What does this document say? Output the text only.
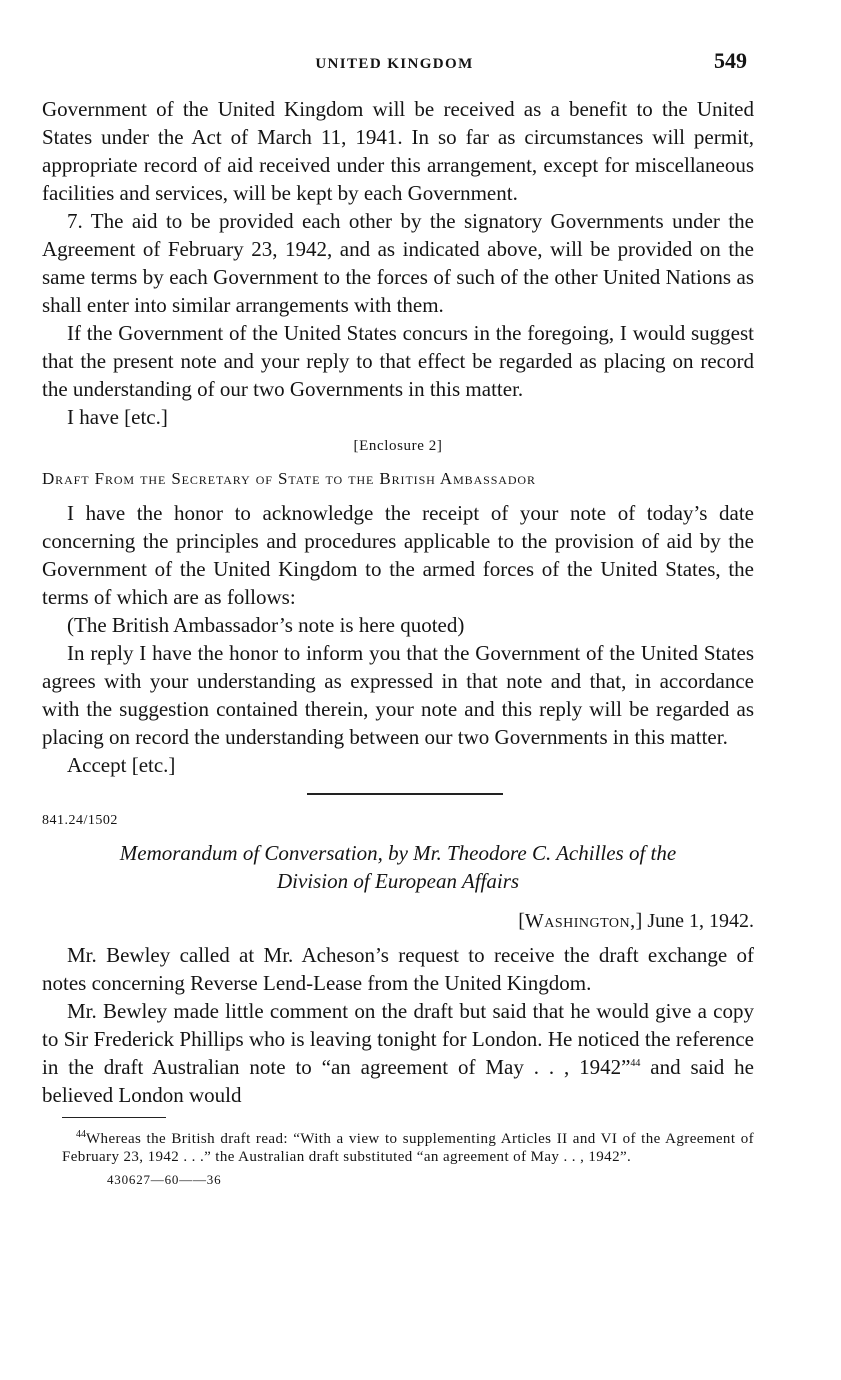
UNITED KINGDOM	549

Government of the United Kingdom will be received as a benefit to the United States under the Act of March 11, 1941. In so far as circumstances will permit, appropriate record of aid received under this arrangement, except for miscellaneous facilities and services, will be kept by each Government.

7. The aid to be provided each other by the signatory Governments under the Agreement of February 23, 1942, and as indicated above, will be provided on the same terms by each Government to the forces of such of the other United Nations as shall enter into similar arrangements with them.

If the Government of the United States concurs in the foregoing, I would suggest that the present note and your reply to that effect be regarded as placing on record the understanding of our two Governments in this matter.

I have [etc.]

[Enclosure 2]
Draft From the Secretary of State to the British Ambassador

I have the honor to acknowledge the receipt of your note of today’s date concerning the principles and procedures applicable to the provision of aid by the Government of the United Kingdom to the armed forces of the United States, the terms of which are as follows:

(The British Ambassador’s note is here quoted)

In reply I have the honor to inform you that the Government of the United States agrees with your understanding as expressed in that note and that, in accordance with the suggestion contained therein, your note and this reply will be regarded as placing on record the understanding between our two Governments in this matter.

Accept [etc.]

841.24/1502
Memorandum of Conversation, by Mr. Theodore C. Achilles of the
Division of European Affairs
[Washington,] June 1, 1942.

Mr. Bewley called at Mr. Acheson’s request to receive the draft exchange of notes concerning Reverse Lend-Lease from the United Kingdom.

Mr. Bewley made little comment on the draft but said that he would give a copy to Sir Frederick Phillips who is leaving tonight for London. He noticed the reference in the draft Australian note to “an agreement of May . . , 1942”$^{44}$ and said he believed London would

$^{44}$Whereas the British draft read: “With a view to supplementing Articles II and VI of the Agreement of February 23, 1942 . . .” the Australian draft substituted “an agreement of May . . , 1942”.

430627—60——36
